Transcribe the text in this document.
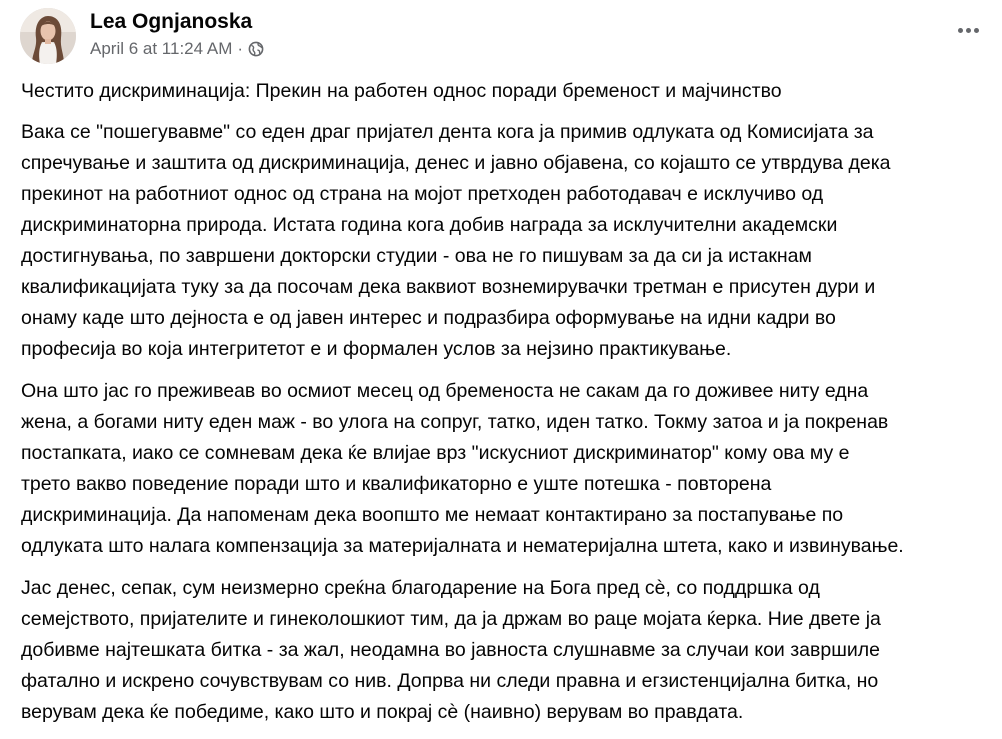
Lea Ognjanoska
April 6 at 11:24 AM ·

Честито дискриминација: Прекин на работен однос поради бременост и мајчинство

Вака се "пошегувавме" со еден драг пријател дента кога ја примив одлуката од Комисијата за
спречување и заштита од дискриминација, денес и јавно објавена, со којашто се утврдува дека
прекинот на работниот однос од страна на мојот претходен работодавач е исклучиво од
дискриминаторна природа. Истата година кога добив награда за исклучителни академски
достигнувања, по завршени докторски студии - ова не го пишувам за да си ја истакнам
квалификацијата туку за да посочам дека ваквиот вознемирувачки третман е присутен дури и
онаму каде што дејноста е од јавен интерес и подразбира оформување на идни кадри во
професија во која интегритетот е и формален услов за нејзино практикување.

Она што јас го преживеав во осмиот месец од бременоста не сакам да го доживее ниту една
жена, а богами ниту еден маж - во улога на сопруг, татко, иден татко. Токму затоа и ја покренав
постапката, иако се сомневам дека ќе влијае врз "искусниот дискриминатор" кому ова му е
трето вакво поведение поради што и квалификаторно е уште потешка - повторена
дискриминација. Да напоменам дека воопшто ме немаат контактирано за постапување по
одлуката што налага компензација за материјалната и нематеријална штета, како и извинување.

Јас денес, сепак, сум неизмерно среќна благодарение на Бога пред сѐ, со поддршка од
семејството, пријателите и гинеколошкиот тим, да ја држам во раце мојата ќерка. Ние двете ја
добивме најтешката битка - за жал, неодамна во јавноста слушнавме за случаи кои завршиле
фатално и искрено сочувствувам со нив. Допрва ни следи правна и егзистенцијална битка, но
верувам дека ќе победиме, како што и покрај сѐ (наивно) верувам во правдата.
